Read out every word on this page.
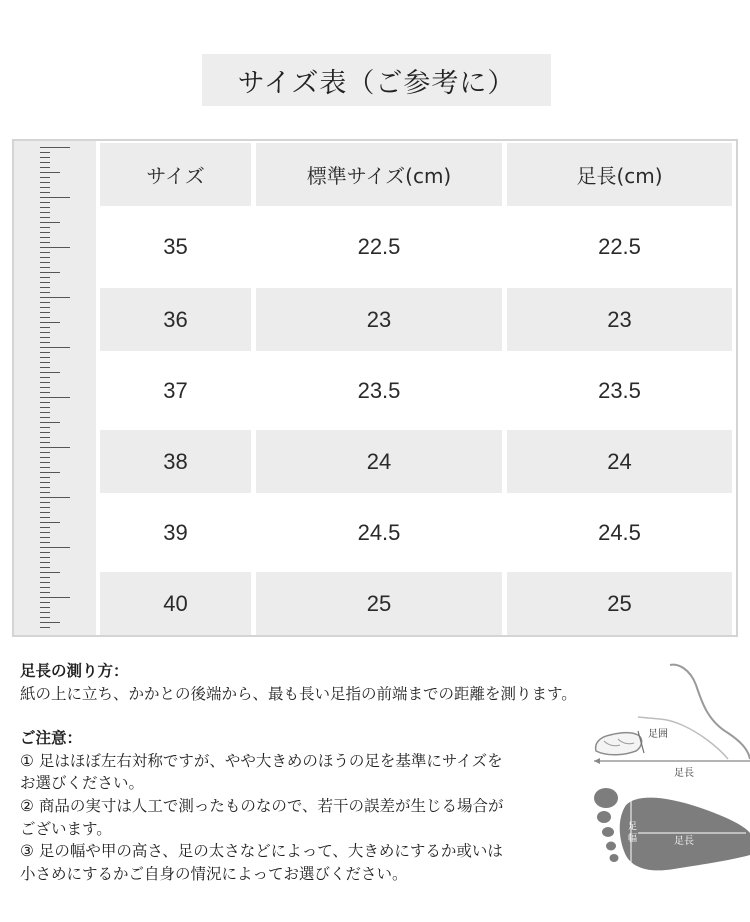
サイズ表（ご参考に）
サイズ	標準サイズ(cm)	足長(cm)
35	22.5	22.5
36	23	23
37	23.5	23.5
38	24	24
39	24.5	24.5
40	25	25
足長の測り方：
紙の上に立ち、かかとの後端から、最も長い足指の前端までの距離を測ります。
ご注意：
① 足はほぼ左右対称ですが、やや大きめのほうの足を基準にサイズを
お選びください。
② 商品の実寸は人工で測ったものなので、若干の誤差が生じる場合が
ございます。
③ 足の幅や甲の高さ、足の太さなどによって、大きめにするか或いは
小さめにするかご自身の情況によってお選びください。
足囲
足長
足 幅	足長
